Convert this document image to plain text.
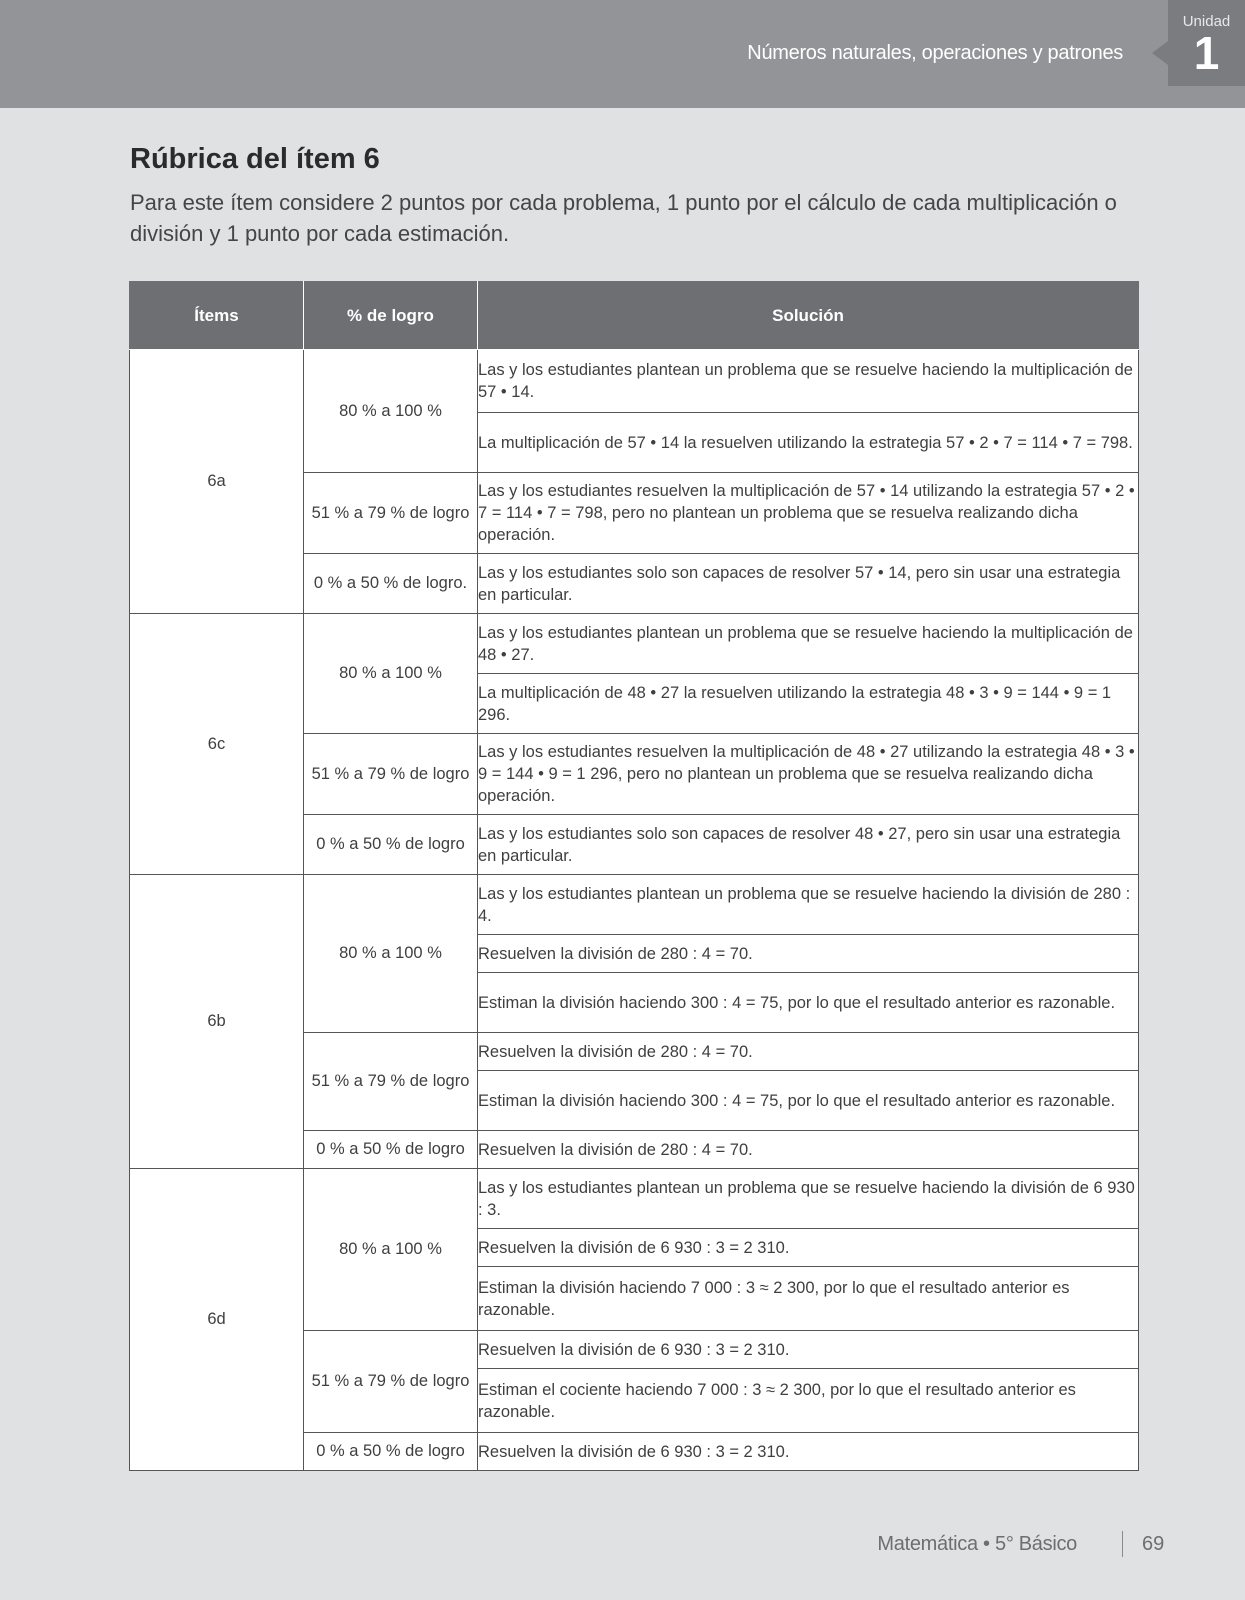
Números naturales, operaciones y patrones
Unidad
1
Rúbrica del ítem 6

Para este ítem considere 2 puntos por cada problema, 1 punto por el cálculo de cada multiplicación o división y 1 punto por cada estimación.

Ítems	% de logro	Solución
6a	80 % a 100 %	Las y los estudiantes plantean un problema que se resuelve haciendo la multiplicación de 57 • 14.
		La multiplicación de 57 • 14 la resuelven utilizando la estrategia 57 • 2 • 7 = 114 • 7 = 798.
	51 % a 79 % de logro	Las y los estudiantes resuelven la multiplicación de 57 • 14 utilizando la estrategia 57 • 2 • 7 = 114 • 7 = 798, pero no plantean un problema que se resuelva realizando dicha operación.
	0 % a 50 % de logro.	Las y los estudiantes solo son capaces de resolver 57 • 14, pero sin usar una estrategia en particular.
6c	80 % a 100 %	Las y los estudiantes plantean un problema que se resuelve haciendo la multiplicación de 48 • 27.
		La multiplicación de 48 • 27 la resuelven utilizando la estrategia 48 • 3 • 9 = 144 • 9 = 1 296.
	51 % a 79 % de logro	Las y los estudiantes resuelven la multiplicación de 48 • 27 utilizando la estrategia 48 • 3 • 9 = 144 • 9 = 1 296, pero no plantean un problema que se resuelva realizando dicha operación.
	0 % a 50 % de logro	Las y los estudiantes solo son capaces de resolver 48 • 27, pero sin usar una estrategia en particular.
6b	80 % a 100 %	Las y los estudiantes plantean un problema que se resuelve haciendo la división de 280 : 4.
		Resuelven la división de 280 : 4 = 70.
		Estiman la división haciendo 300 : 4 = 75, por lo que el resultado anterior es razonable.
	51 % a 79 % de logro	Resuelven la división de 280 : 4 = 70.
		Estiman la división haciendo 300 : 4 = 75, por lo que el resultado anterior es razonable.
	0 % a 50 % de logro	Resuelven la división de 280 : 4 = 70.
6d	80 % a 100 %	Las y los estudiantes plantean un problema que se resuelve haciendo la división de 6 930 : 3.
		Resuelven la división de 6 930 : 3 = 2 310.
		Estiman la división haciendo 7 000 : 3 ≈ 2 300, por lo que el resultado anterior es razonable.
	51 % a 79 % de logro	Resuelven la división de 6 930 : 3 = 2 310.
		Estiman el cociente haciendo 7 000 : 3 ≈ 2 300, por lo que el resultado anterior es razonable.
	0 % a 50 % de logro	Resuelven la división de 6 930 : 3 = 2 310.
Matemática • 5° Básico	69
